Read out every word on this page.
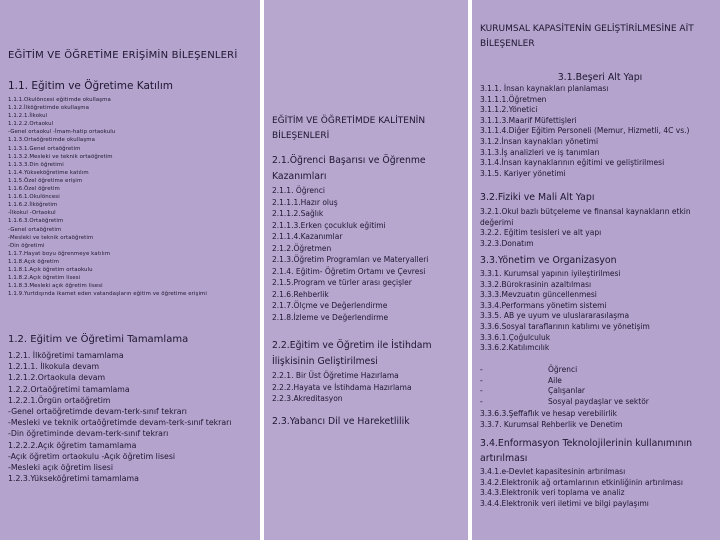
EĞİTİM VE ÖĞRETİME ERİŞİMİN BİLEŞENLERİ
1.1. Eğitim ve Öğretime Katılım
1.1.1.Okulöncesi eğitimde okullaşma
1.1.2.İlköğretimde okullaşma
1.1.2.1.İlkokul
1.1.2.2.Ortaokul
-Genel ortaokul -İmam-hatip ortaokulu
1.1.3.Ortaöğretimde okullaşma
1.1.3.1.Genel ortaöğretim
1.1.3.2.Mesleki ve teknik ortaöğretim
1.1.3.3.Din öğretimi
1.1.4.Yükseköğretime katılım
1.1.5.Özel öğretime erişim
1.1.6.Özel öğretim
1.1.6.1.Okulöncesi
1.1.6.2.İlköğretim
-İlkokul -Ortaokul
1.1.6.3.Ortaöğretim
-Genel ortaöğretim
-Mesleki ve teknik ortaöğretim
-Din öğretimi
1.1.7.Hayat boyu öğrenmeye katılım
1.1.8.Açık öğretim
1.1.8.1.Açık öğretim ortaokulu
1.1.8.2.Açık öğretim lisesi
1.1.8.3.Mesleki açık öğretim lisesi
1.1.9.Yurtdışında ikamet eden vatandaşların eğitim ve öğretime erişimi
1.2. Eğitim ve Öğretimi Tamamlama
1.2.1. İlköğretimi tamamlama
1.2.1.1. İlkokula devam
1.2.1.2.Ortaokula devam
1.2.2.Ortaöğretimi tamamlama
1.2.2.1.Örgün ortaöğretim
-Genel ortaöğretimde devam-terk-sınıf tekrarı
-Mesleki ve teknik ortaöğretimde devam-terk-sınıf tekrarı
-Din öğretiminde devam-terk-sınıf tekrarı
1.2.2.2.Açık öğretim tamamlama
-Açık öğretim ortaokulu -Açık öğretim lisesi
-Mesleki açık öğretim lisesi
1.2.3.Yükseköğretimi tamamlama
EĞİTİM VE ÖĞRETİMDE KALİTENİN BİLEŞENLERİ
2.1.Öğrenci Başarısı ve Öğrenme Kazanımları
2.1.1. Öğrenci
2.1.1.1.Hazır oluş
2.1.1.2.Sağlık
2.1.1.3.Erken çocukluk eğitimi
2.1.1.4.Kazanımlar
2.1.2.Öğretmen
2.1.3.Öğretim Programları ve Materyalleri
2.1.4. Eğitim- Öğretim Ortamı ve Çevresi
2.1.5.Program ve türler arası geçişler
2.1.6.Rehberlik
2.1.7.Ölçme ve Değerlendirme
2.1.8.İzleme ve Değerlendirme
2.2.Eğitim ve Öğretim ile İstihdam İlişkisinin Geliştirilmesi
2.2.1. Bir Üst Öğretime Hazırlama
2.2.2.Hayata ve İstihdama Hazırlama
2.2.3.Akreditasyon
2.3.Yabancı Dil ve Hareketlilik
KURUMSAL KAPASİTENİN GELİŞTİRİLMESİNE AİT BİLEŞENLER
3.1.Beşeri Alt Yapı
3.1.1. İnsan kaynakları planlaması
3.1.1.1.Öğretmen
3.1.1.2.Yönetici
3.1.1.3.Maarif Müfettişleri
3.1.1.4.Diğer Eğitim Personeli (Memur, Hizmetli, 4C vs.)
3.1.2.İnsan kaynakları yönetimi
3.1.3.İş analizleri ve iş tanımları
3.1.4.İnsan kaynaklarının eğitimi ve geliştirilmesi
3.1.5. Kariyer yönetimi
3.2.Fiziki ve Mali Alt Yapı
3.2.1.Okul bazlı bütçeleme ve finansal kaynakların etkin
değerimi
3.2.2. Eğitim tesisleri ve alt yapı
3.2.3.Donatım
3.3.Yönetim ve Organizasyon
3.3.1. Kurumsal yapının iyileştirilmesi
3.3.2.Bürokrasinin azaltılması
3.3.3.Mevzuatın güncellenmesi
3.3.4.Performans yönetim sistemi
3.3.5. AB ye uyum ve uluslararasılaşma
3.3.6.Sosyal taraflarının katılımı ve yönetişim
3.3.6.1.Çoğulculuk
3.3.6.2.Katılımcılık
-	Öğrenci
-	Aile
-	Çalışanlar
-	Sosyal paydaşlar ve sektör
3.3.6.3.Şeffaflık ve hesap verebilirlik
3.3.7. Kurumsal Rehberlik ve Denetim
3.4.Enformasyon Teknolojilerinin kullanımının artırılması
3.4.1.e-Devlet kapasitesinin artırılması
3.4.2.Elektronik ağ ortamlarının etkinliğinin artırılması
3.4.3.Elektronik veri toplama ve analiz
3.4.4.Elektronik veri iletimi ve bilgi paylaşımı
